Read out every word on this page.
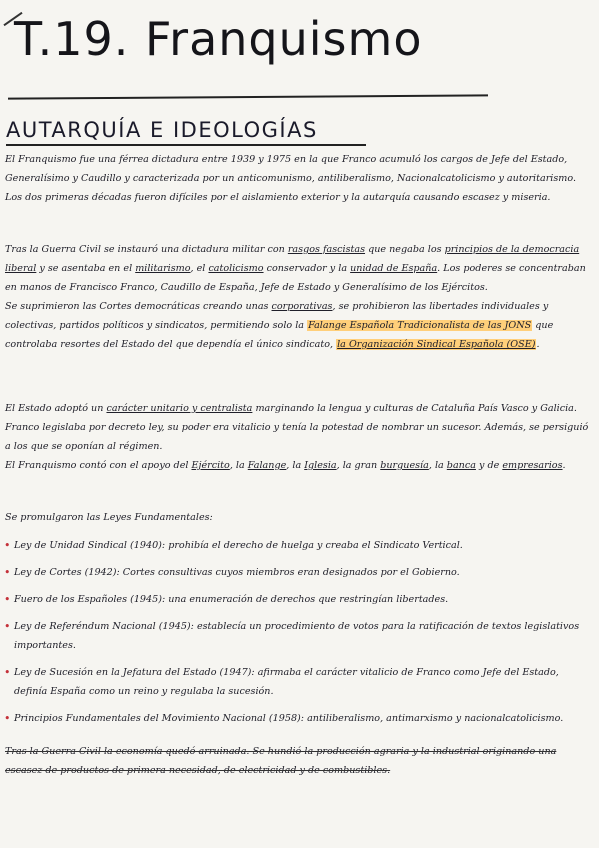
T.19. Franquismo
AUTARQUÍA E IDEOLOGÍAS
El Franquismo fue una férrea dictadura entre 1939 y 1975 en la que Franco acumuló los cargos de Jefe del Estado, Generalísimo y Caudillo y caracterizada por un anticomunismo, antiliberalismo, Nacionalcatolicismo y autoritarismo. Los dos primeras décadas fueron difíciles por el aislamiento exterior y la autarquía causando escasez y miseria.
Tras la Guerra Civil se instauró una dictadura militar con rasgos fascistas que negaba los principios de la democracia liberal y se asentaba en el militarismo, el catolicismo conservador y la unidad de España. Los poderes se concentraban en manos de Francisco Franco, Caudillo de España, Jefe de Estado y Generalísimo de los Ejércitos.
Se suprimieron las Cortes democráticas creando unas corporativas, se prohibieron las libertades individuales y colectivas, partidos políticos y sindicatos, permitiendo solo la Falange Española Tradicionalista de las JONS que controlaba resortes del Estado del que dependía el único sindicato, la Organización Sindical Española (OSE).
El Estado adoptó un carácter unitario y centralista marginando la lengua y culturas de Cataluña País Vasco y Galicia. Franco legislaba por decreto ley, su poder era vitalicio y tenía la potestad de nombrar un sucesor. Además, se persiguió a los que se oponían al régimen.
El Franquismo contó con el apoyo del Ejército, la Falange, la Iglesia, la gran burguesía, la banca y de empresarios.
Se promulgaron las Leyes Fundamentales:
• Ley de Unidad Sindical (1940): prohibía el derecho de huelga y creaba el Sindicato Vertical.
• Ley de Cortes (1942): Cortes consultivas cuyos miembros eran designados por el Gobierno.
• Fuero de los Españoles (1945): una enumeración de derechos que restringían libertades.
• Ley de Referéndum Nacional (1945): establecía un procedimiento de votos para la ratificación de textos legislativos importantes.
• Ley de Sucesión en la Jefatura del Estado (1947): afirmaba el carácter vitalicio de Franco como Jefe del Estado, definía España como un reino y regulaba la sucesión.
• Principios Fundamentales del Movimiento Nacional (1958): antiliberalismo, antimarxismo y nacionalcatolicismo.
Tras la Guerra Civil la economía quedó arruinada. Se hundió la producción agraria y la industrial originando una escasez de productos de primera necesidad, de electricidad y de combustibles.
